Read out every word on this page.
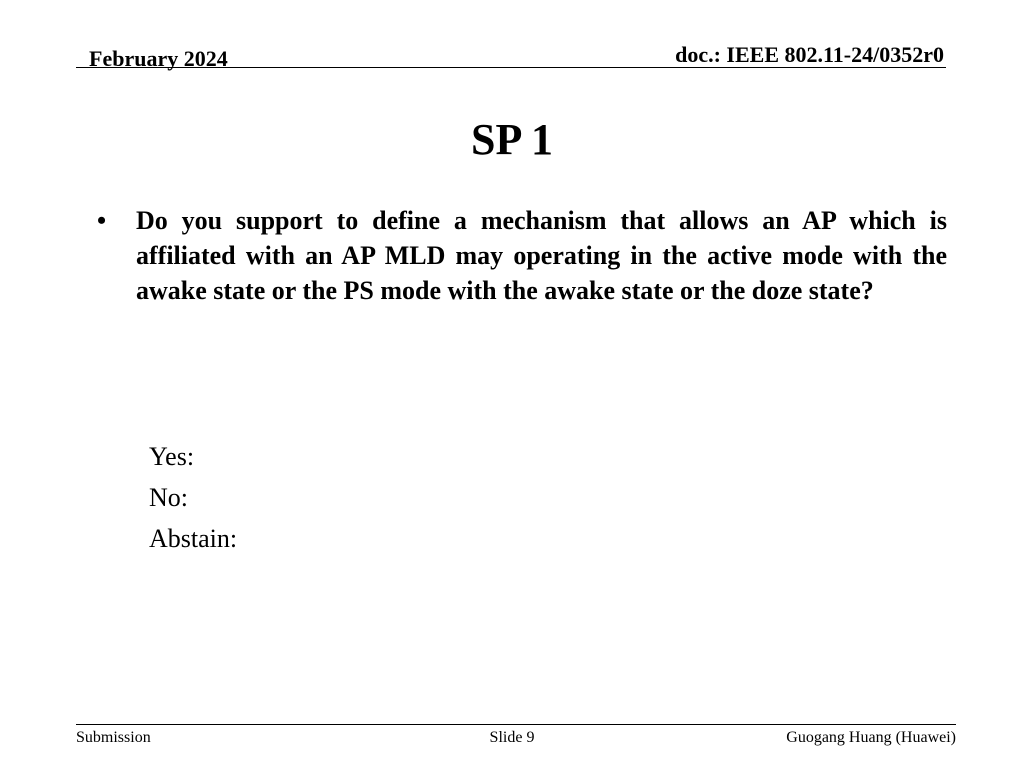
February 2024	doc.: IEEE 802.11-24/0352r0
SP 1
• Do you support to define a mechanism that allows an AP which is affiliated with an AP MLD may operating in the active mode with the awake state or the PS mode with the awake state or the doze state?
Yes:
No:
Abstain:
Submission	Slide 9	Guogang Huang (Huawei)
